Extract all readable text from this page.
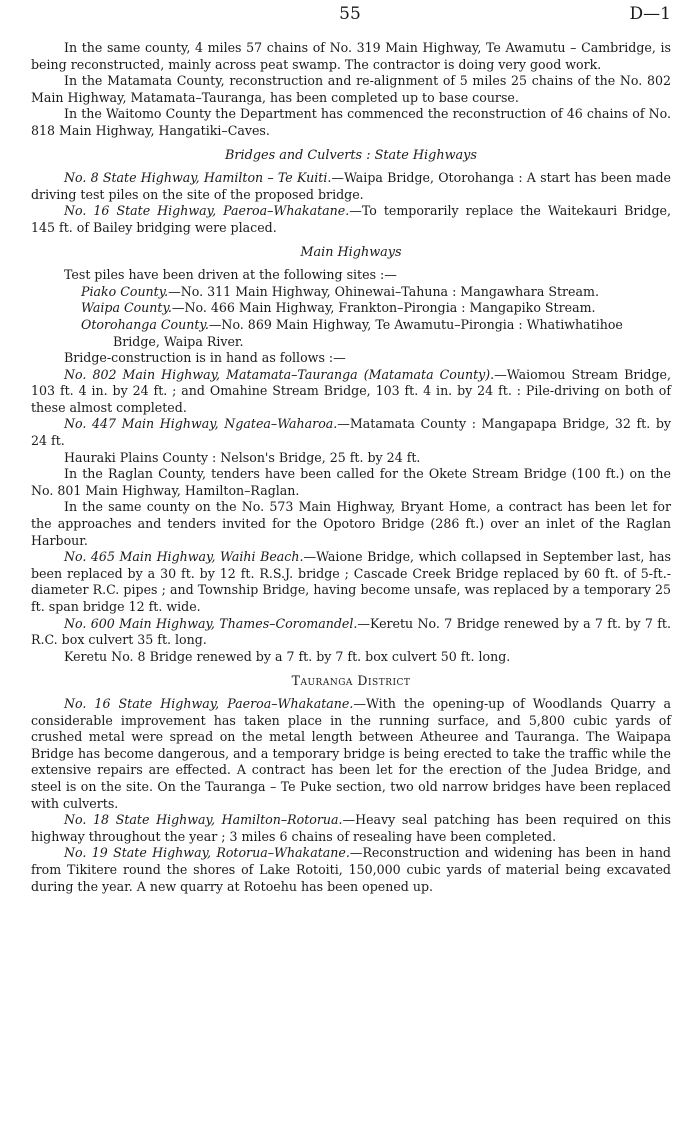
55	D—1

In the same county, 4 miles 57 chains of No. 319 Main Highway, Te Awamutu – Cambridge, is being reconstructed, mainly across peat swamp. The contractor is doing very good work.

In the Matamata County, reconstruction and re-alignment of 5 miles 25 chains of the No. 802 Main Highway, Matamata–Tauranga, has been completed up to base course.

In the Waitomo County the Department has commenced the reconstruction of 46 chains of No. 818 Main Highway, Hangatiki–Caves.

Bridges and Culverts : State Highways

No. 8 State Highway, Hamilton – Te Kuiti.—Waipa Bridge, Otorohanga : A start has been made driving test piles on the site of the proposed bridge.

No. 16 State Highway, Paeroa–Whakatane.—To temporarily replace the Waitekauri Bridge, 145 ft. of Bailey bridging were placed.

Main Highways

Test piles have been driven at the following sites :—

Piako County.—No. 311 Main Highway, Ohinewai–Tahuna : Mangawhara Stream.

Waipa County.—No. 466 Main Highway, Frankton–Pirongia : Mangapiko Stream.

Otorohanga County.—No. 869 Main Highway, Te Awamutu–Pirongia : Whatiwhatihoe Bridge, Waipa River.

Bridge-construction is in hand as follows :—

No. 802 Main Highway, Matamata–Tauranga (Matamata County).—Waiomou Stream Bridge, 103 ft. 4 in. by 24 ft. ; and Omahine Stream Bridge, 103 ft. 4 in. by 24 ft. : Pile-driving on both of these almost completed.

No. 447 Main Highway, Ngatea–Waharoa.—Matamata County : Mangapapa Bridge, 32 ft. by 24 ft.

Hauraki Plains County : Nelson's Bridge, 25 ft. by 24 ft.

In the Raglan County, tenders have been called for the Okete Stream Bridge (100 ft.) on the No. 801 Main Highway, Hamilton–Raglan.

In the same county on the No. 573 Main Highway, Bryant Home, a contract has been let for the approaches and tenders invited for the Opotoro Bridge (286 ft.) over an inlet of the Raglan Harbour.

No. 465 Main Highway, Waihi Beach.—Waione Bridge, which collapsed in September last, has been replaced by a 30 ft. by 12 ft. R.S.J. bridge ; Cascade Creek Bridge replaced by 60 ft. of 5-ft.-diameter R.C. pipes ; and Township Bridge, having become unsafe, was replaced by a temporary 25 ft. span bridge 12 ft. wide.

No. 600 Main Highway, Thames–Coromandel.—Keretu No. 7 Bridge renewed by a 7 ft. by 7 ft. R.C. box culvert 35 ft. long.

Keretu No. 8 Bridge renewed by a 7 ft. by 7 ft. box culvert 50 ft. long.

Tauranga District

No. 16 State Highway, Paeroa–Whakatane.—With the opening-up of Woodlands Quarry a considerable improvement has taken place in the running surface, and 5,800 cubic yards of crushed metal were spread on the metal length between Atheuree and Tauranga. The Waipapa Bridge has become dangerous, and a temporary bridge is being erected to take the traffic while the extensive repairs are effected. A contract has been let for the erection of the Judea Bridge, and steel is on the site. On the Tauranga – Te Puke section, two old narrow bridges have been replaced with culverts.

No. 18 State Highway, Hamilton–Rotorua.—Heavy seal patching has been required on this highway throughout the year ; 3 miles 6 chains of resealing have been completed.

No. 19 State Highway, Rotorua–Whakatane.—Reconstruction and widening has been in hand from Tikitere round the shores of Lake Rotoiti, 150,000 cubic yards of material being excavated during the year. A new quarry at Rotoehu has been opened up.
